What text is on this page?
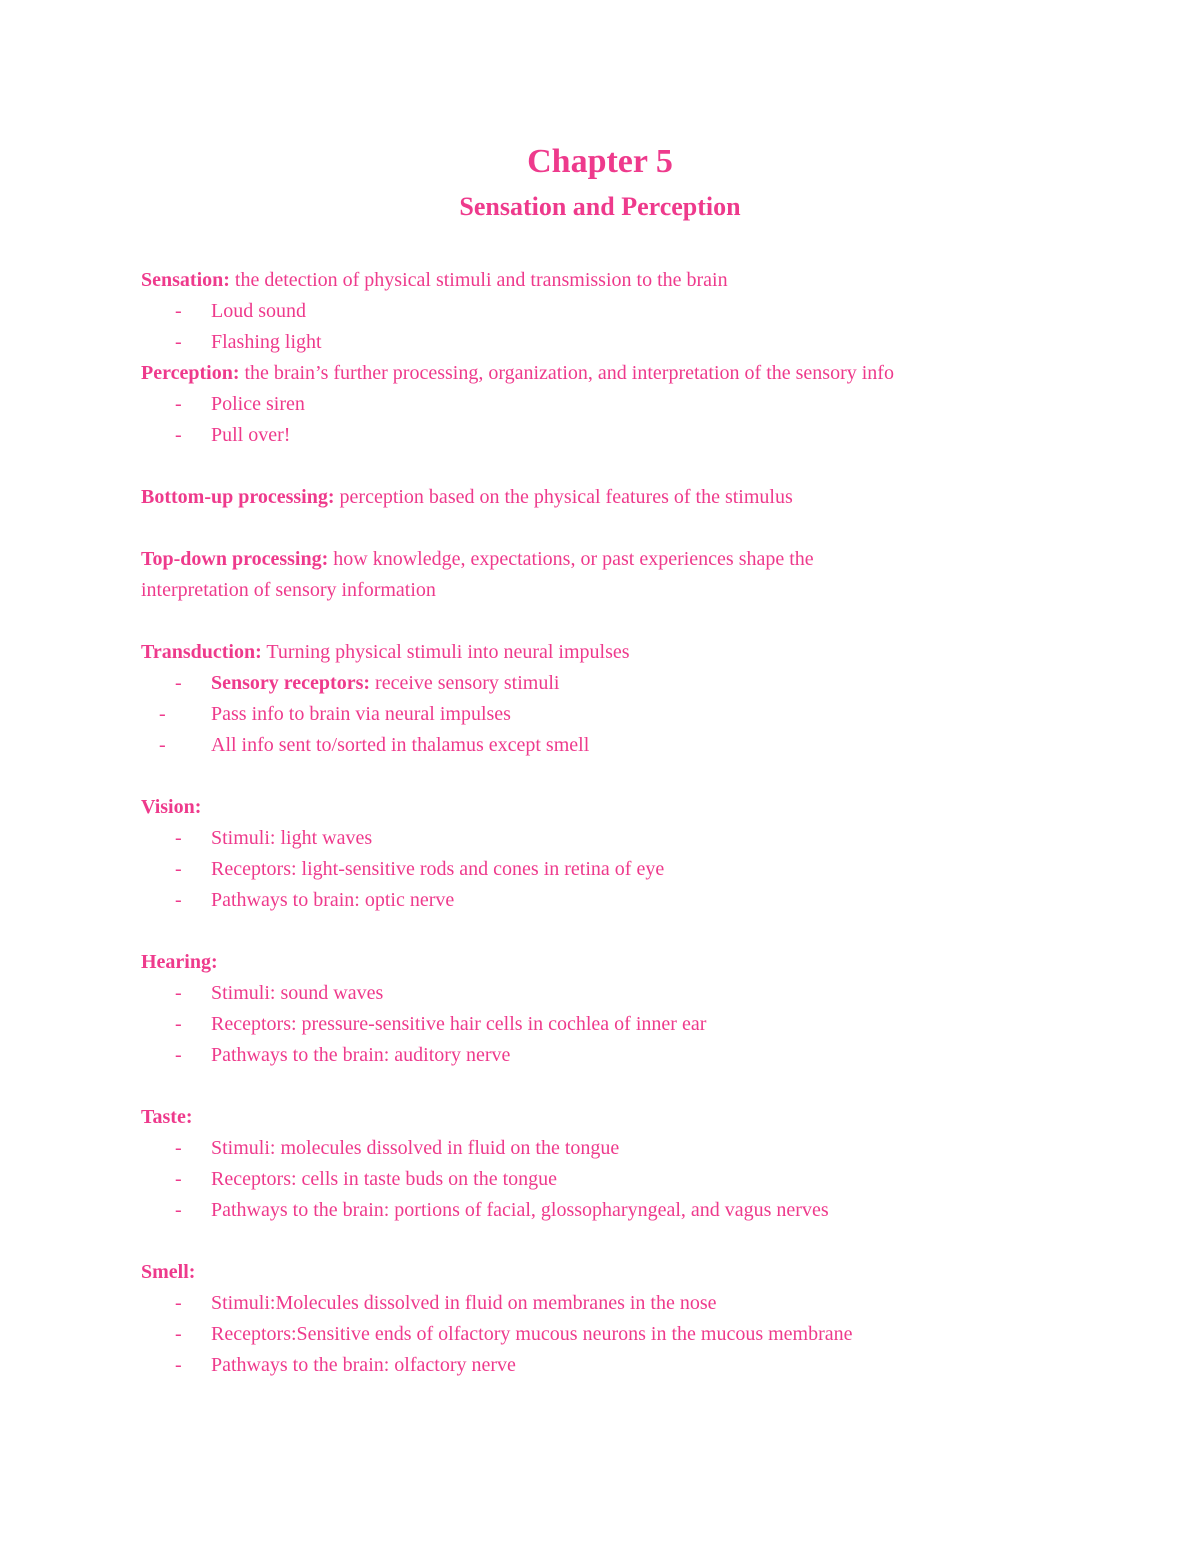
Chapter 5
Sensation and Perception
Sensation: the detection of physical stimuli and transmission to the brain
- Loud sound
- Flashing light
Perception: the brain’s further processing, organization, and interpretation of the sensory info
- Police siren
- Pull over!
Bottom-up processing: perception based on the physical features of the stimulus
Top-down processing: how knowledge, expectations, or past experiences shape the
interpretation of sensory information
Transduction: Turning physical stimuli into neural impulses
- Sensory receptors: receive sensory stimuli
- Pass info to brain via neural impulses
- All info sent to/sorted in thalamus except smell
Vision:
- Stimuli: light waves
- Receptors: light-sensitive rods and cones in retina of eye
- Pathways to brain: optic nerve
Hearing:
- Stimuli: sound waves
- Receptors: pressure-sensitive hair cells in cochlea of inner ear
- Pathways to the brain: auditory nerve
Taste:
- Stimuli: molecules dissolved in fluid on the tongue
- Receptors: cells in taste buds on the tongue
- Pathways to the brain: portions of facial, glossopharyngeal, and vagus nerves
Smell:
- Stimuli:Molecules dissolved in fluid on membranes in the nose
- Receptors:Sensitive ends of olfactory mucous neurons in the mucous membrane
- Pathways to the brain: olfactory nerve
